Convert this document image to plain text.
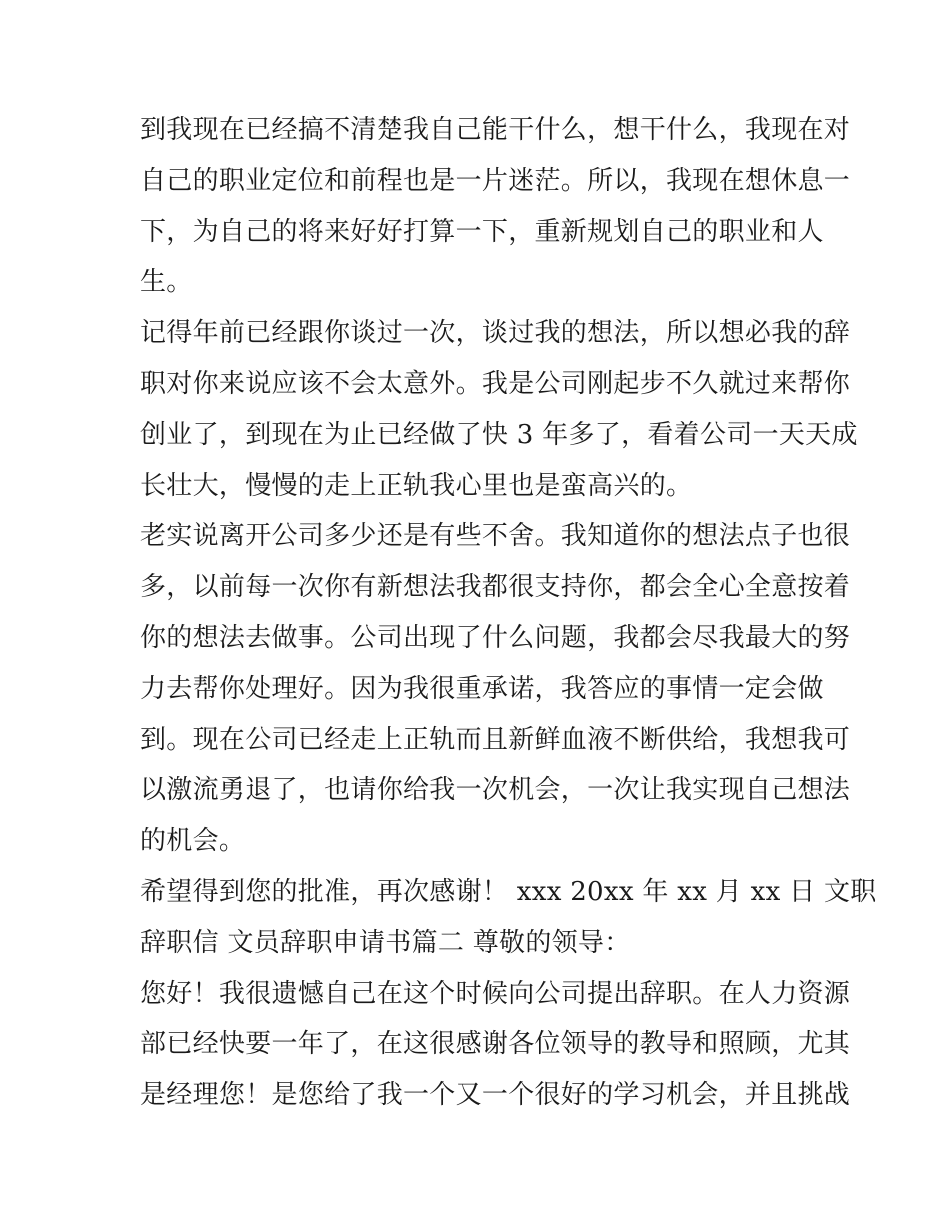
到我现在已经搞不清楚我自己能干什么，想干什么，我现在对
自己的职业定位和前程也是一片迷茫。所以，我现在想休息一
下，为自己的将来好好打算一下，重新规划自己的职业和人
生。
记得年前已经跟你谈过一次，谈过我的想法，所以想必我的辞
职对你来说应该不会太意外。我是公司刚起步不久就过来帮你
创业了，到现在为止已经做了快 3 年多了，看着公司一天天成
长壮大，慢慢的走上正轨我心里也是蛮高兴的。
老实说离开公司多少还是有些不舍。我知道你的想法点子也很
多，以前每一次你有新想法我都很支持你，都会全心全意按着
你的想法去做事。公司出现了什么问题，我都会尽我最大的努
力去帮你处理好。因为我很重承诺，我答应的事情一定会做
到。现在公司已经走上正轨而且新鲜血液不断供给，我想我可
以激流勇退了，也请你给我一次机会，一次让我实现自己想法
的机会。
希望得到您的批准，再次感谢！ xxx 20xx 年 xx 月 xx 日 文职
辞职信 文员辞职申请书篇二 尊敬的领导：
您好！我很遗憾自己在这个时候向公司提出辞职。在人力资源
部已经快要一年了，在这很感谢各位领导的教导和照顾，尤其
是经理您！是您给了我一个又一个很好的学习机会，并且挑战
